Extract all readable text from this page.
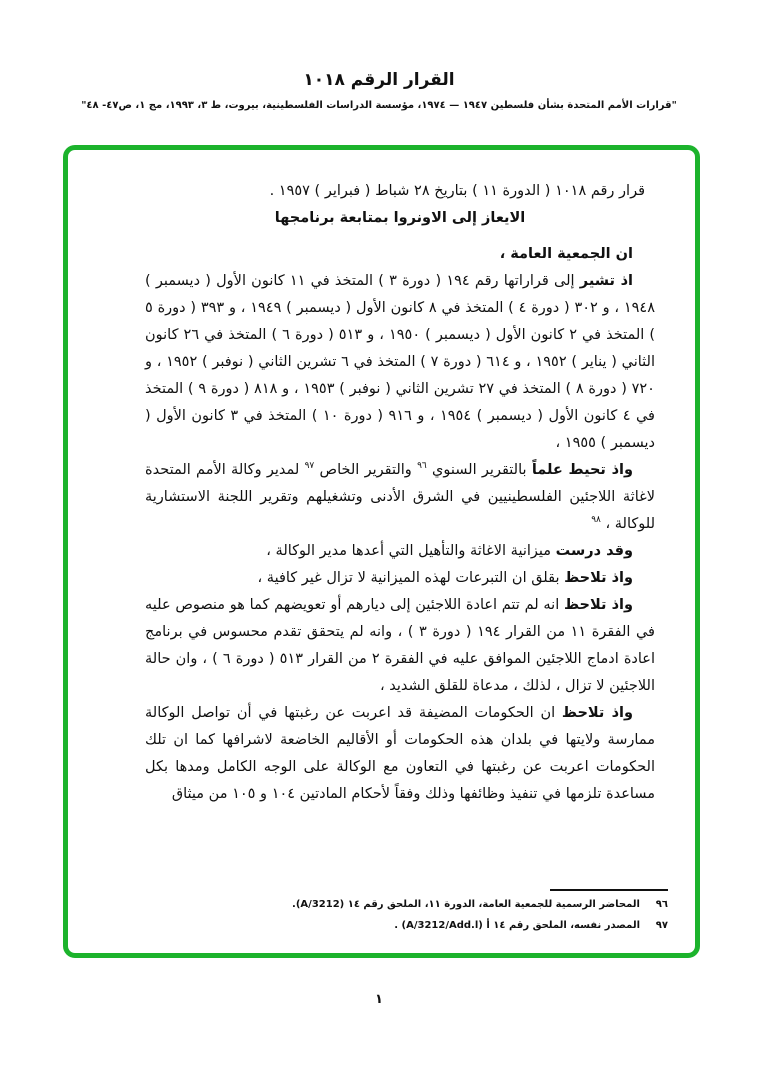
القرار الرقم ١٠١٨
"قرارات الأمم المتحدة بشأن فلسطين ١٩٤٧ — ١٩٧٤، مؤسسة الدراسات الفلسطينية، بيروت، ط ٣، ١٩٩٣، مج ١، ص٤٧- ٤٨"
قرار رقم ١٠١٨ ( الدورة ١١ ) بتاريخ ٢٨ شباط ( فبراير ) ١٩٥٧ .
الايعاز إلى الاونروا بمتابعة برنامجها
ان الجمعية العامة ،

اذ تشير إلى قراراتها رقم ١٩٤ ( دورة ٣ ) المتخذ في ١١ كانون الأول ( ديسمبر ) ١٩٤٨ ، و ٣٠٢ ( دورة ٤ ) المتخذ في ٨ كانون الأول ( ديسمبر ) ١٩٤٩ ، و ٣٩٣ ( دورة ٥ ) المتخذ في ٢ كانون الأول ( ديسمبر ) ١٩٥٠ ، و ٥١٣ ( دورة ٦ ) المتخذ في ٢٦ كانون الثاني ( يناير ) ١٩٥٢ ، و ٦١٤ ( دورة ٧ ) المتخذ في ٦ تشرين الثاني ( نوفبر ) ١٩٥٢ ، و ٧٢٠ ( دورة ٨ ) المتخذ في ٢٧ تشرين الثاني ( نوفبر ) ١٩٥٣ ، و ٨١٨ ( دورة ٩ ) المتخذ في ٤ كانون الأول ( ديسمبر ) ١٩٥٤ ، و ٩١٦ ( دورة ١٠ ) المتخذ في ٣ كانون الأول ( ديسمبر ) ١٩٥٥ ،

واذ تحيط علماً بالتقرير السنوي $^{٩٦}$ والتقرير الخاص $^{٩٧}$ لمدير وكالة الأمم المتحدة لاغاثة اللاجئين الفلسطينيين في الشرق الأدنى وتشغيلهم وتقرير اللجنة الاستشارية للوكالة ، $^{٩٨}$

وقد درست ميزانية الاغاثة والتأهيل التي أعدها مدير الوكالة ،

واذ تلاحظ بقلق ان التبرعات لهذه الميزانية لا تزال غير كافية ،

واذ تلاحظ انه لم تتم اعادة اللاجئين إلى ديارهم أو تعويضهم كما هو منصوص عليه في الفقرة ١١ من القرار ١٩٤ ( دورة ٣ ) ، وانه لم يتحقق تقدم محسوس في برنامج اعادة ادماج اللاجئين الموافق عليه في الفقرة ٢ من القرار ٥١٣ ( دورة ٦ ) ، وان حالة اللاجئين لا تزال ، لذلك ، مدعاة للقلق الشديد ،

واذ تلاحظ ان الحكومات المضيفة قد اعربت عن رغبتها في أن تواصل الوكالة ممارسة ولايتها في بلدان هذه الحكومات أو الأقاليم الخاضعة لاشرافها كما ان تلك الحكومات اعربت عن رغبتها في التعاون مع الوكالة على الوجه الكامل ومدها بكل مساعدة تلزمها في تنفيذ وظائفها وذلك وفقاً لأحكام المادتين ١٠٤ و ١٠٥ من ميثاق

٩٦
المحاضر الرسمية للجمعية العامة، الدورة ١١، الملحق رقم ١٤ (A/3212).
٩٧
المصدر نفسه، الملحق رقم ١٤ أ (A/3212/Add.l) .
١
